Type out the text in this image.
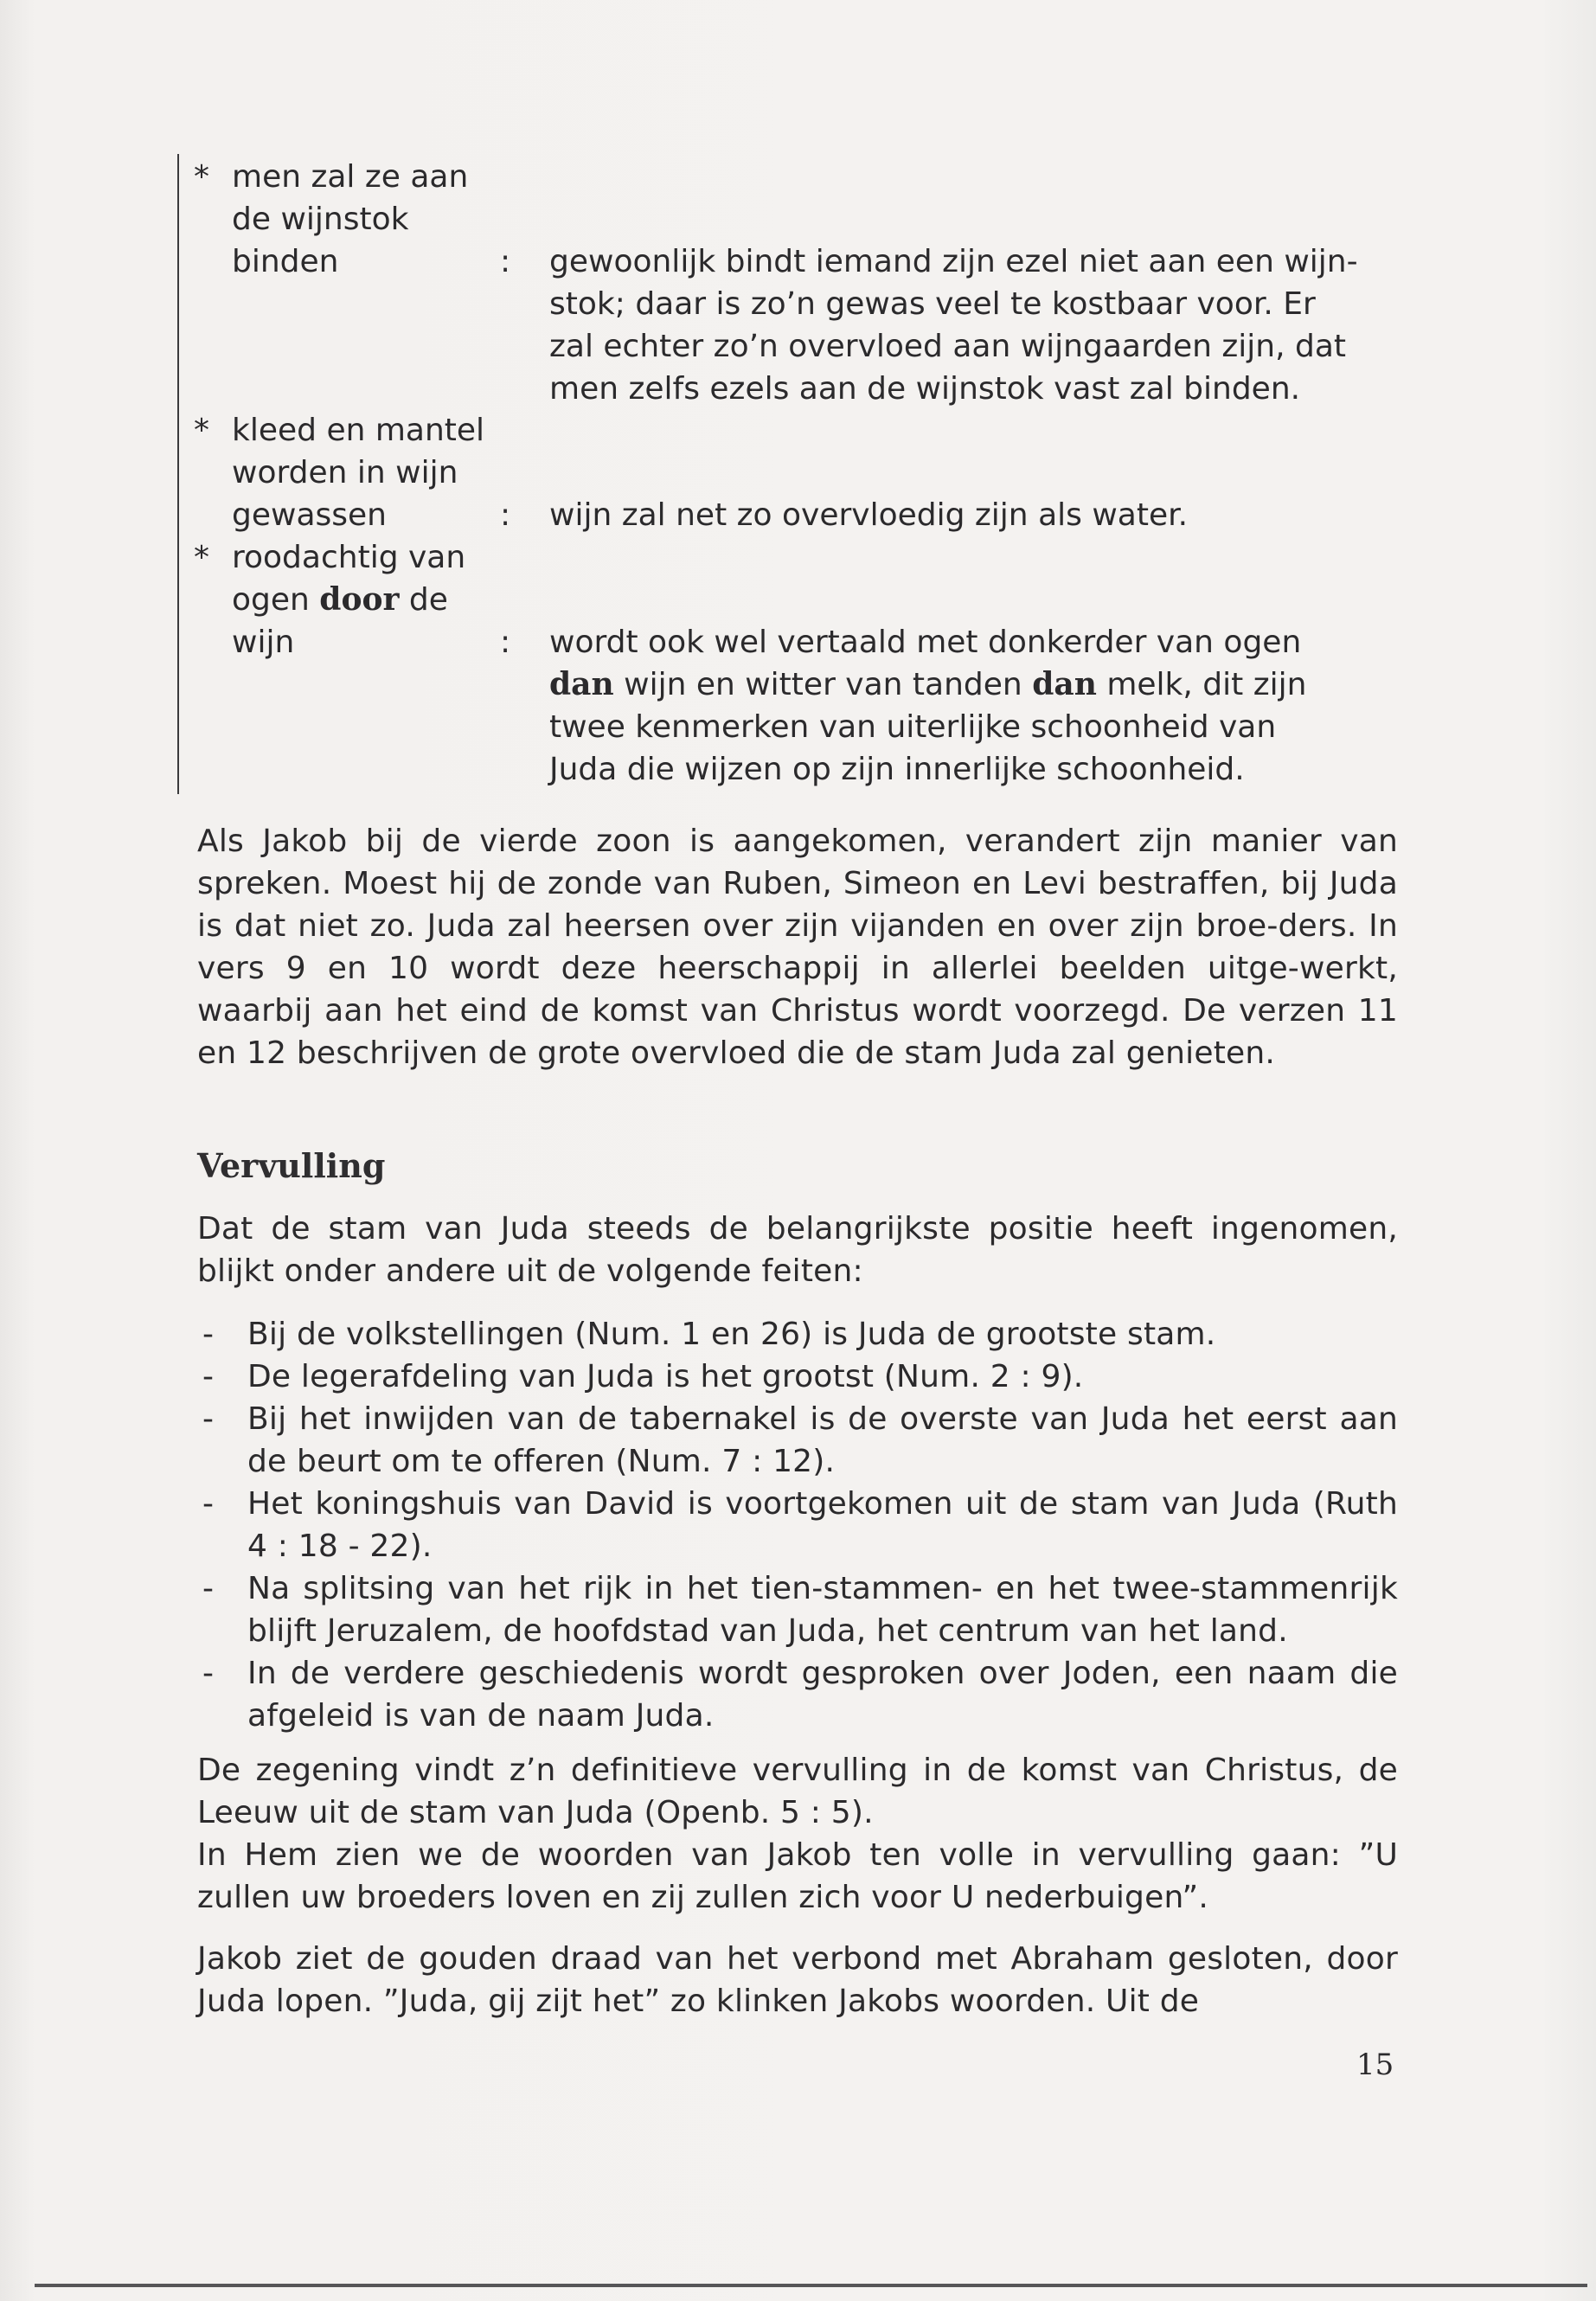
* men zal ze aan
de wijnstok
binden	: gewoonlijk bindt iemand zijn ezel niet aan een wijn-
stok; daar is zo’n gewas veel te kostbaar voor. Er
zal echter zo’n overvloed aan wijngaarden zijn, dat
men zelfs ezels aan de wijnstok vast zal binden.
* kleed en mantel
worden in wijn
gewassen	: wijn zal net zo overvloedig zijn als water.
* roodachtig van
ogen door de
wijn	: wordt ook wel vertaald met donkerder van ogen
dan wijn en witter van tanden dan melk, dit zijn
twee kenmerken van uiterlijke schoonheid van
Juda die wijzen op zijn innerlijke schoonheid.

Als Jakob bij de vierde zoon is aangekomen, verandert zijn manier van spreken. Moest hij de zonde van Ruben, Simeon en Levi bestraffen, bij Juda is dat niet zo. Juda zal heersen over zijn vijanden en over zijn broe-ders. In vers 9 en 10 wordt deze heerschappij in allerlei beelden uitge-werkt, waarbij aan het eind de komst van Christus wordt voorzegd. De verzen 11 en 12 beschrijven de grote overvloed die de stam Juda zal genieten.

Vervulling

Dat de stam van Juda steeds de belangrijkste positie heeft ingenomen, blijkt onder andere uit de volgende feiten:

- Bij de volkstellingen (Num. 1 en 26) is Juda de grootste stam.
- De legerafdeling van Juda is het grootst (Num. 2 : 9).
- Bij het inwijden van de tabernakel is de overste van Juda het eerst aan de beurt om te offeren (Num. 7 : 12).
- Het koningshuis van David is voortgekomen uit de stam van Juda (Ruth 4 : 18 - 22).
- Na splitsing van het rijk in het tien-stammen- en het twee-stammenrijk blijft Jeruzalem, de hoofdstad van Juda, het centrum van het land.
- In de verdere geschiedenis wordt gesproken over Joden, een naam die afgeleid is van de naam Juda.

De zegening vindt z’n definitieve vervulling in de komst van Christus, de Leeuw uit de stam van Juda (Openb. 5 : 5).

In Hem zien we de woorden van Jakob ten volle in vervulling gaan: ”U zullen uw broeders loven en zij zullen zich voor U nederbuigen”.

Jakob ziet de gouden draad van het verbond met Abraham gesloten, door Juda lopen. ”Juda, gij zijt het” zo klinken Jakobs woorden. Uit de

15
